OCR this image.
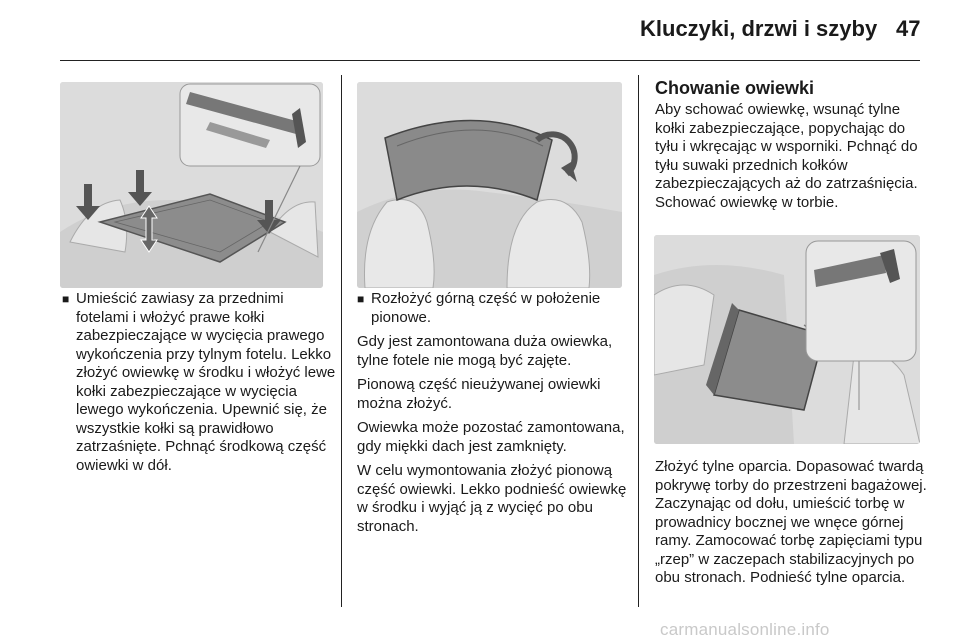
Kluczyki, drzwi i szyby 47
■ Umieścić zawiasy za przednimi fotelami i włożyć prawe kołki zabezpieczające w wycięcia prawego wykończenia przy tylnym fotelu. Lekko złożyć owiewkę w środku i włożyć lewe kołki zabezpieczające w wycięcia lewego wykończenia. Upewnić się, że wszystkie kołki są prawidłowo zatrzaśnięte. Pchnąć środkową część owiewki w dół.
■ Rozłożyć górną część w położenie pionowe.

Gdy jest zamontowana duża owiewka, tylne fotele nie mogą być zajęte.

Pionową część nieużywanej owiewki można złożyć.

Owiewka może pozostać zamontowana, gdy miękki dach jest zamknięty.

W celu wymontowania złożyć pionową część owiewki. Lekko podnieść owiewkę w środku i wyjąć ją z wycięć po obu stronach.

Chowanie owiewki

Aby schować owiewkę, wsunąć tylne kołki zabezpieczające, popychając do tyłu i wkręcając w wsporniki. Pchnąć do tyłu suwaki przednich kołków zabezpieczających aż do zatrzaśnięcia. Schować owiewkę w torbie.

Złożyć tylne oparcia. Dopasować twardą pokrywę torby do przestrzeni bagażowej. Zaczynając od dołu, umieścić torbę w prowadnicy bocznej we wnęce górnej ramy. Zamocować torbę zapięciami typu „rzep” w zaczepach stabilizacyjnych po obu stronach. Podnieść tylne oparcia.

carmanualsonline.info
